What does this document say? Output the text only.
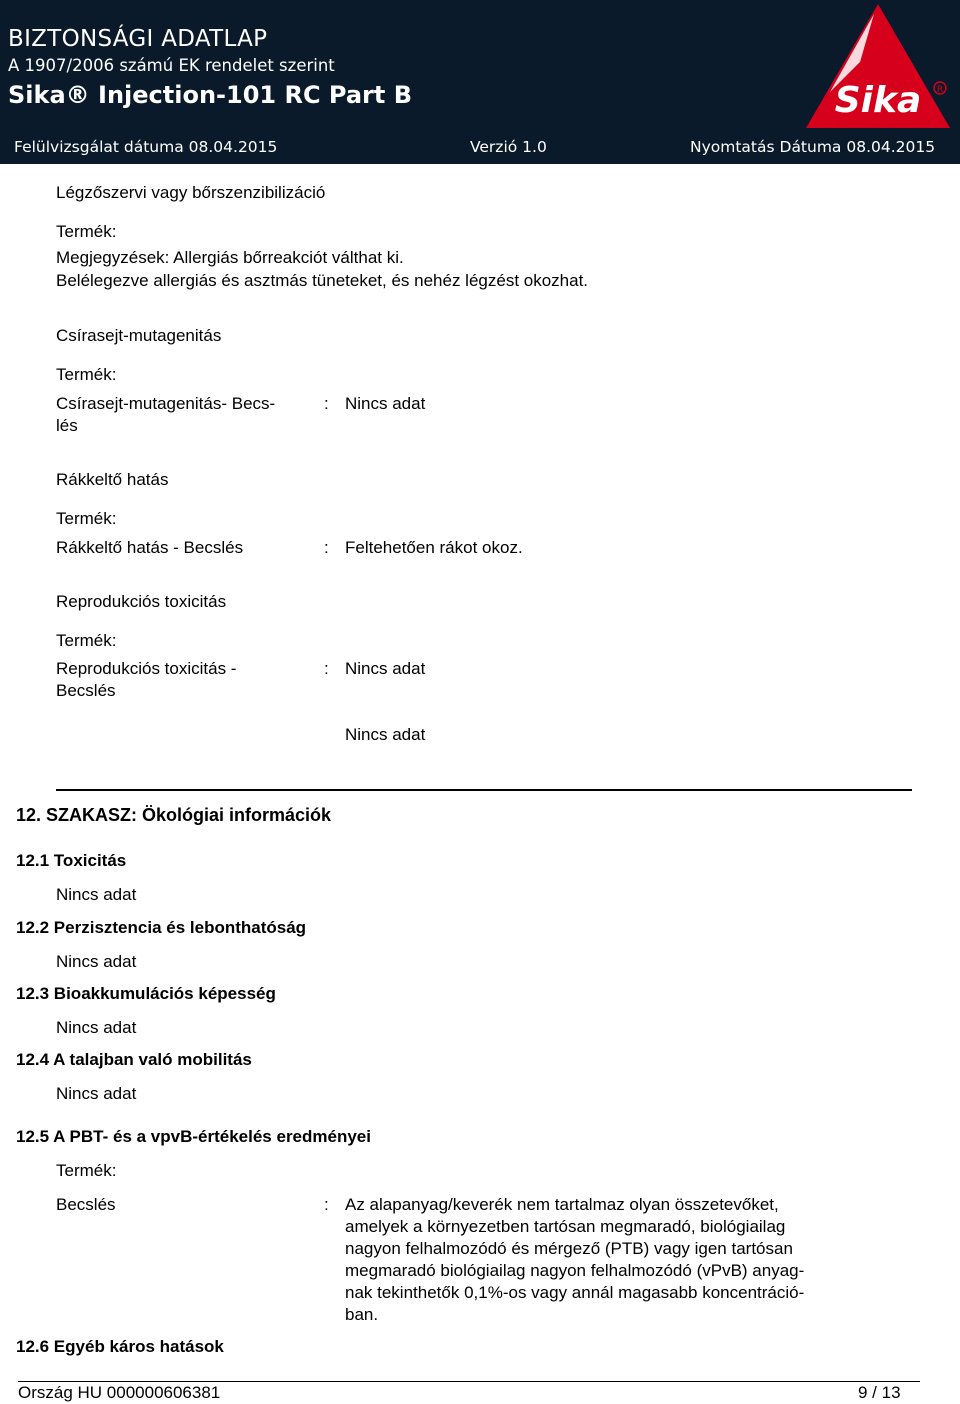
BIZTONSÁGI ADATLAP
A 1907/2006 számú EK rendelet szerint
Sika® Injection-101 RC Part B
Felülvizsgálat dátuma 08.04.2015	Verzió 1.0	Nyomtatás Dátuma 08.04.2015
Sika R
Légzőszervi vagy bőrszenzibilizáció
Termék:
Megjegyzések: Allergiás bőrreakciót válthat ki.
Belélegezve allergiás és asztmás tüneteket, és nehéz légzést okozhat.
Csírasejt-mutagenitás
Termék:
Csírasejt-mutagenitás- Becs-
lés
: Nincs adat
Rákkeltő hatás
Termék:
Rákkeltő hatás - Becslés	: Feltehetően rákot okoz.
Reprodukciós toxicitás
Termék:
Reprodukciós toxicitás -
Becslés
: Nincs adat
Nincs adat
12. SZAKASZ: Ökológiai információk
12.1 Toxicitás
Nincs adat
12.2 Perzisztencia és lebonthatóság
Nincs adat
12.3 Bioakkumulációs képesség
Nincs adat
12.4 A talajban való mobilitás
Nincs adat
12.5 A PBT- és a vpvB-értékelés eredményei
Termék:
Becslés	: Az alapanyag/keverék nem tartalmaz olyan összetevőket,
amelyek a környezetben tartósan megmaradó, biológiailag
nagyon felhalmozódó és mérgező (PTB) vagy igen tartósan
megmaradó biológiailag nagyon felhalmozódó (vPvB) anyag-
nak tekinthetők 0,1%-os vagy annál magasabb koncentráció-
ban.
12.6 Egyéb káros hatások
Ország HU 000000606381	9 / 13
